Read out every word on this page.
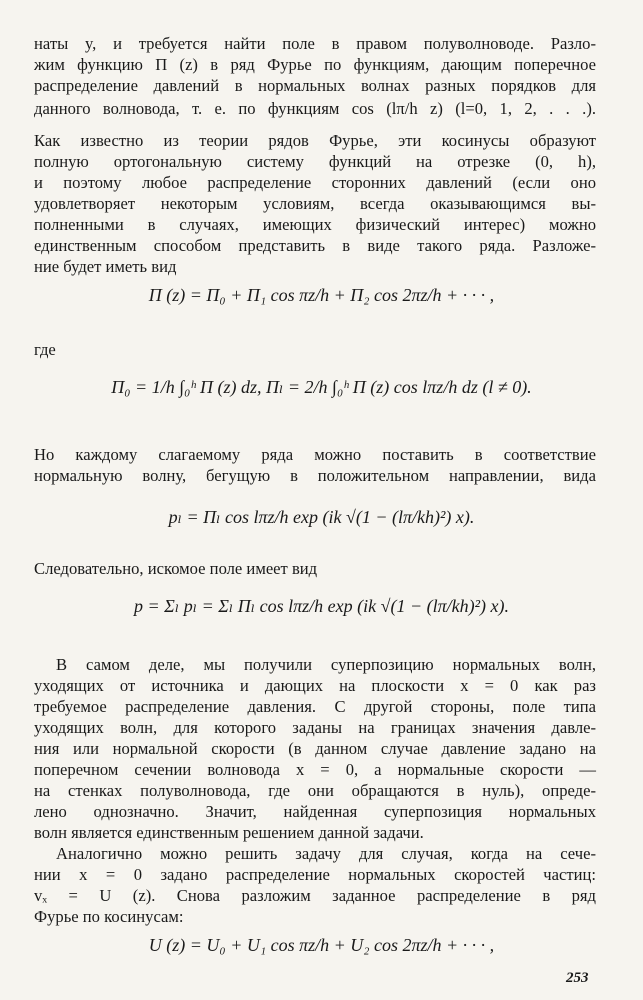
наты y, и требуется найти поле в правом полуволноводе. Разло-
жим функцию Π (z) в ряд Фурье по функциям, дающим поперечное
распределение давлений в нормальных волнах разных порядков для
данного волновода, т. е. по функциям cos (lπ/h z) (l=0, 1, 2, . . .).
Как известно из теории рядов Фурье, эти косинусы образуют
полную ортогональную систему функций на отрезке (0, h),
и поэтому любое распределение сторонних давлений (если оно
удовлетворяет некоторым условиям, всегда оказывающимся вы-
полненными в случаях, имеющих физический интерес) можно
единственным способом представить в виде такого ряда. Разложе-
ние будет иметь вид
Π (z) = Π₀ + Π₁ cos πz/h + Π₂ cos 2πz/h + · · · ,
где
Π₀ = 1/h ∫₀ʰ Π (z) dz, Πₗ = 2/h ∫₀ʰ Π (z) cos lπz/h dz (l ≠ 0).
Но каждому слагаемому ряда можно поставить в соответствие
нормальную волну, бегущую в положительном направлении, вида
pₗ = Πₗ cos lπz/h exp (ik √(1 − (lπ/kh)²) x).
Следовательно, искомое поле имеет вид
p = Σₗ pₗ = Σₗ Πₗ cos lπz/h exp (ik √(1 − (lπ/kh)²) x).
В самом деле, мы получили суперпозицию нормальных волн,
уходящих от источника и дающих на плоскости x = 0 как раз
требуемое распределение давления. С другой стороны, поле типа
уходящих волн, для которого заданы на границах значения давле-
ния или нормальной скорости (в данном случае давление задано на
поперечном сечении волновода x = 0, а нормальные скорости —
на стенках полуволновода, где они обращаются в нуль), опреде-
лено однозначно. Значит, найденная суперпозиция нормальных
волн является единственным решением данной задачи.
Аналогично можно решить задачу для случая, когда на сече-
нии x = 0 задано распределение нормальных скоростей частиц:
vₓ = U (z). Снова разложим заданное распределение в ряд
Фурье по косинусам:
U (z) = U₀ + U₁ cos πz/h + U₂ cos 2πz/h + · · · ,
253
